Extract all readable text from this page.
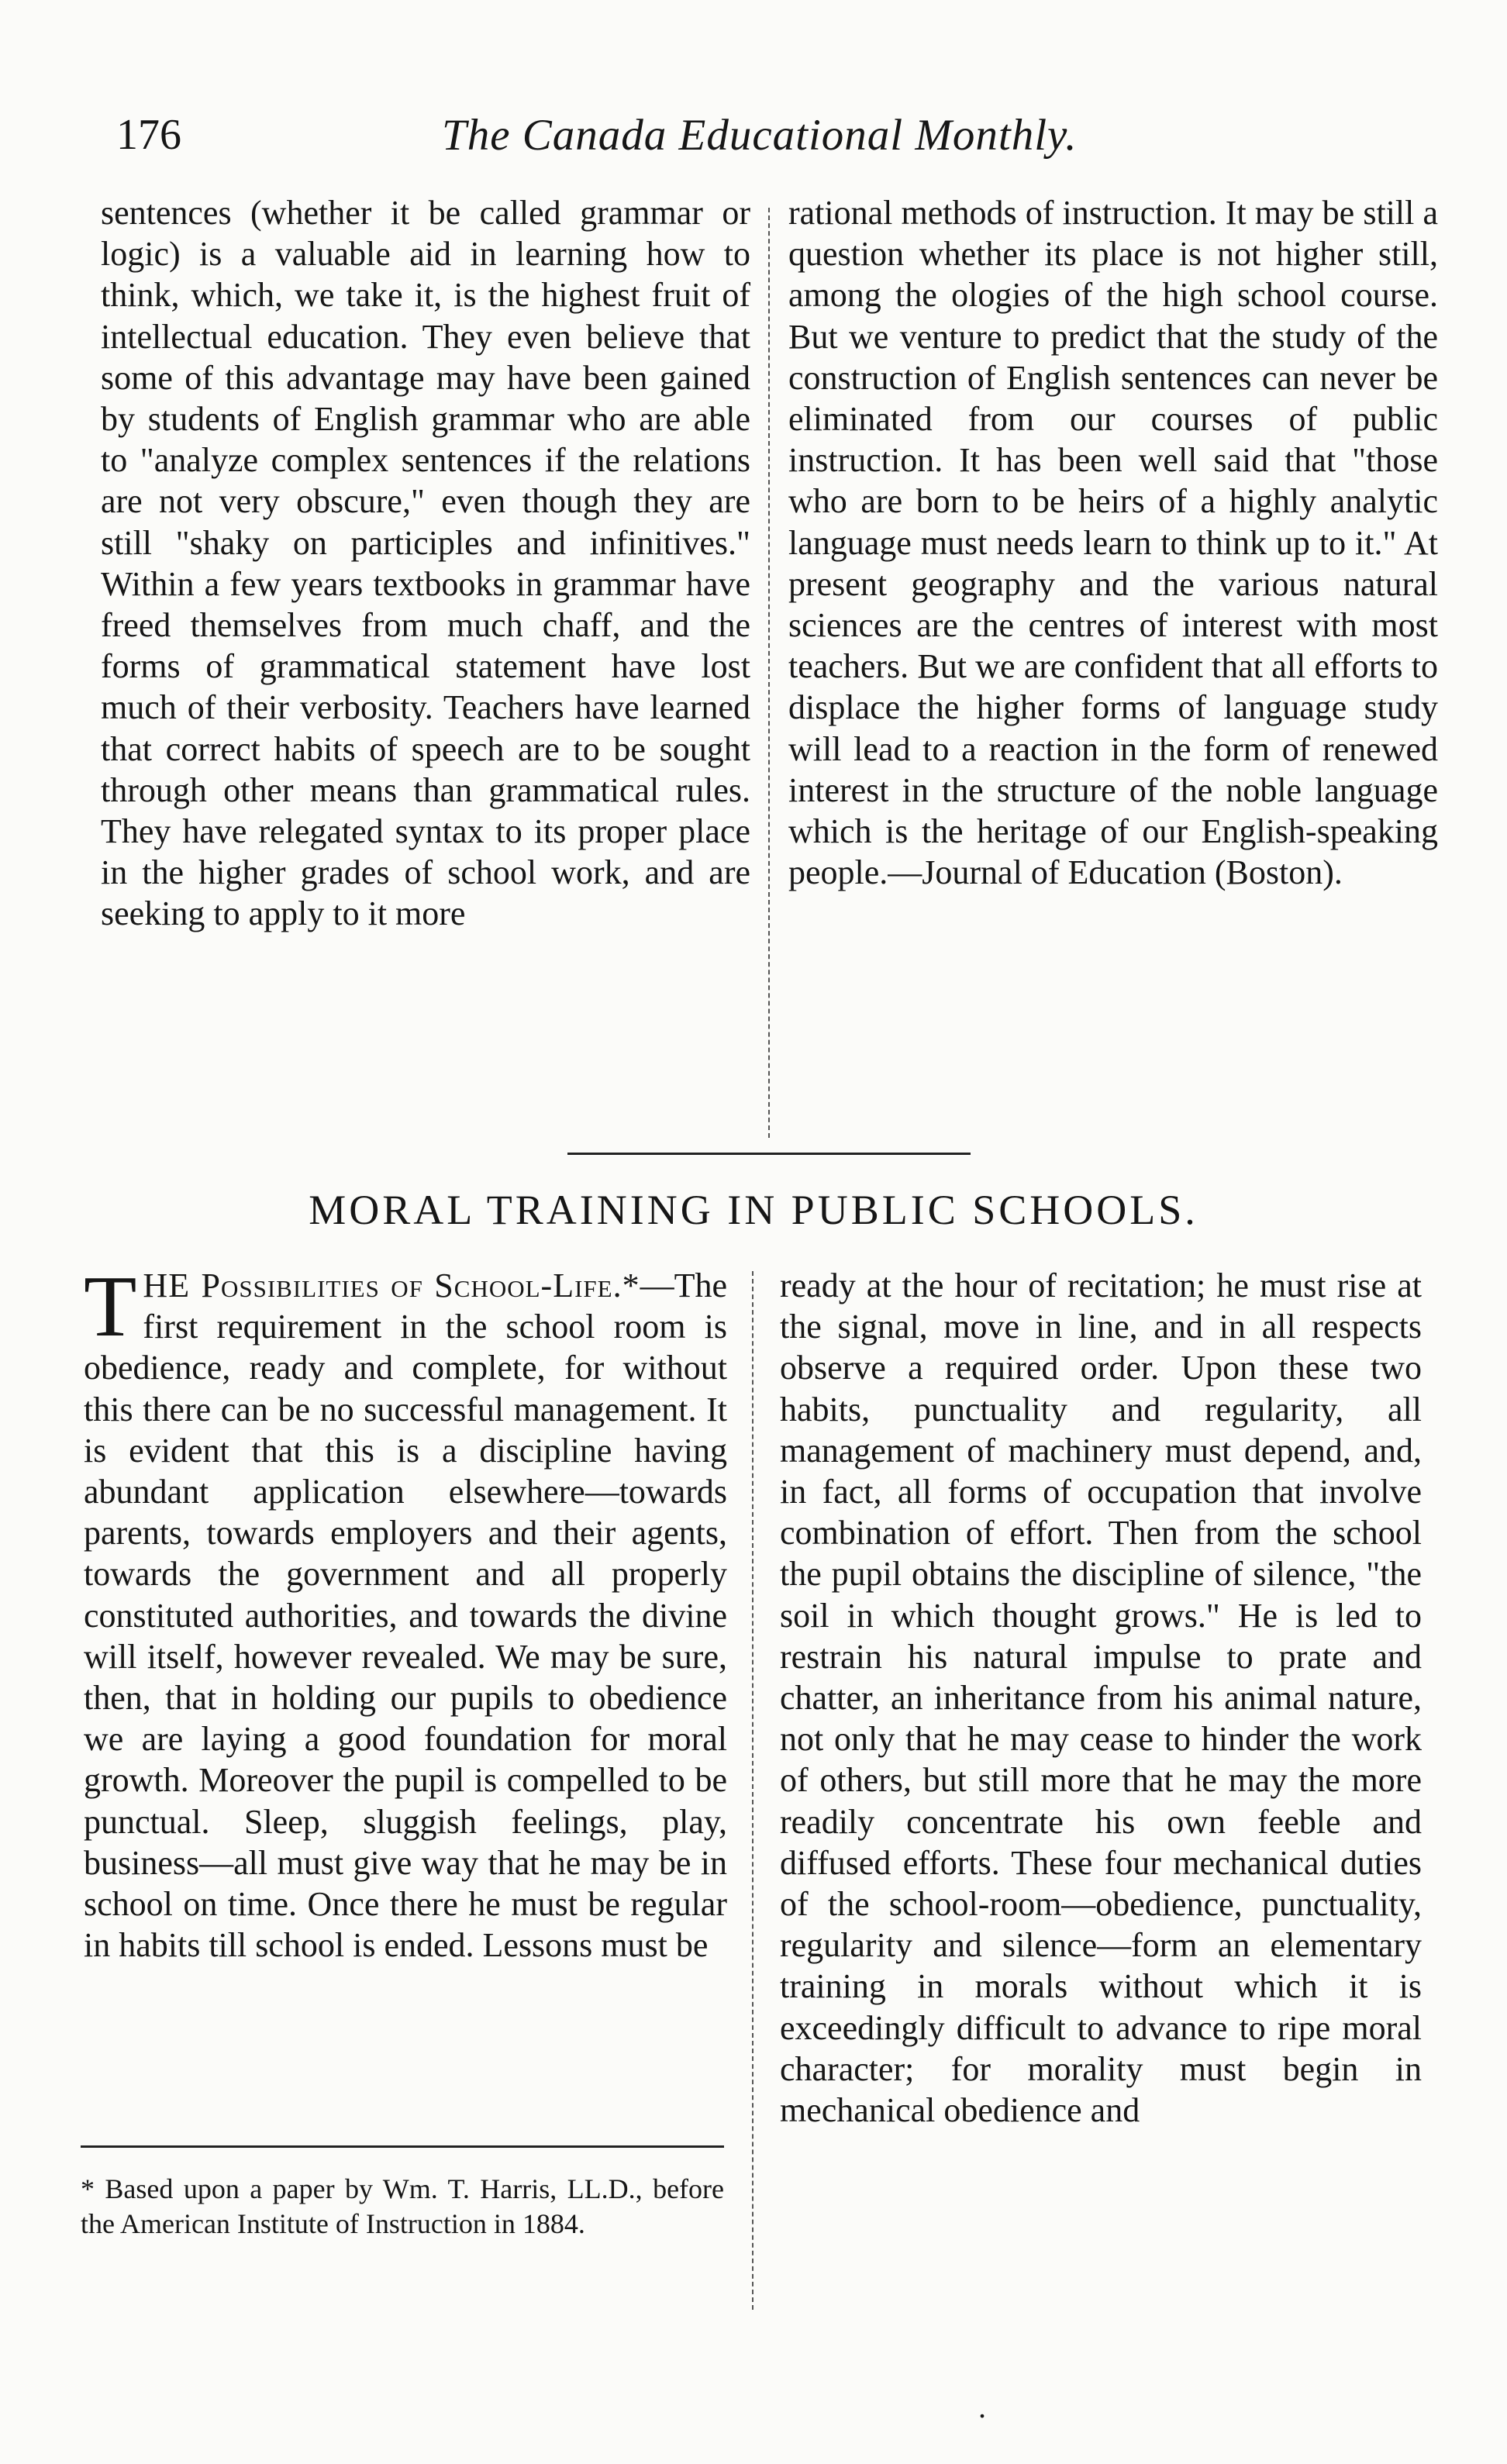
176	The Canada Educational Monthly.

sentences (whether it be called grammar or logic) is a valuable aid in learning how to think, which, we take it, is the highest fruit of intellectual education. They even believe that some of this advantage may have been gained by students of English grammar who are able to "analyze complex sentences if the relations are not very obscure," even though they are still "shaky on participles and infinitives." Within a few years textbooks in grammar have freed themselves from much chaff, and the forms of grammatical statement have lost much of their verbosity. Teachers have learned that correct habits of speech are to be sought through other means than grammatical rules. They have relegated syntax to its proper place in the higher grades of school work, and are seeking to apply to it more

rational methods of instruction. It may be still a question whether its place is not higher still, among the ologies of the high school course. But we venture to predict that the study of the construction of English sentences can never be eliminated from our courses of public instruction. It has been well said that "those who are born to be heirs of a highly analytic language must needs learn to think up to it." At present geography and the various natural sciences are the centres of interest with most teachers. But we are confident that all efforts to displace the higher forms of language study will lead to a reaction in the form of renewed interest in the structure of the noble language which is the heritage of our English-speaking people.—Journal of Education (Boston).

MORAL TRAINING IN PUBLIC SCHOOLS.

THE Possibilities of School-Life.*—The first requirement in the school room is obedience, ready and complete, for without this there can be no successful management. It is evident that this is a discipline having abundant application elsewhere—towards parents, towards employers and their agents, towards the government and all properly constituted authorities, and towards the divine will itself, however revealed. We may be sure, then, that in holding our pupils to obedience we are laying a good foundation for moral growth. Moreover the pupil is compelled to be punctual. Sleep, sluggish feelings, play, business—all must give way that he may be in school on time. Once there he must be regular in habits till school is ended. Lessons must be

ready at the hour of recitation; he must rise at the signal, move in line, and in all respects observe a required order. Upon these two habits, punctuality and regularity, all management of machinery must depend, and, in fact, all forms of occupation that involve combination of effort. Then from the school the pupil obtains the discipline of silence, "the soil in which thought grows." He is led to restrain his natural impulse to prate and chatter, an inheritance from his animal nature, not only that he may cease to hinder the work of others, but still more that he may the more readily concentrate his own feeble and diffused efforts. These four mechanical duties of the school-room—obedience, punctuality, regularity and silence—form an elementary training in morals without which it is exceedingly difficult to advance to ripe moral character; for morality must begin in mechanical obedience and

* Based upon a paper by Wm. T. Harris, LL.D., before the American Institute of Instruction in 1884.
.
